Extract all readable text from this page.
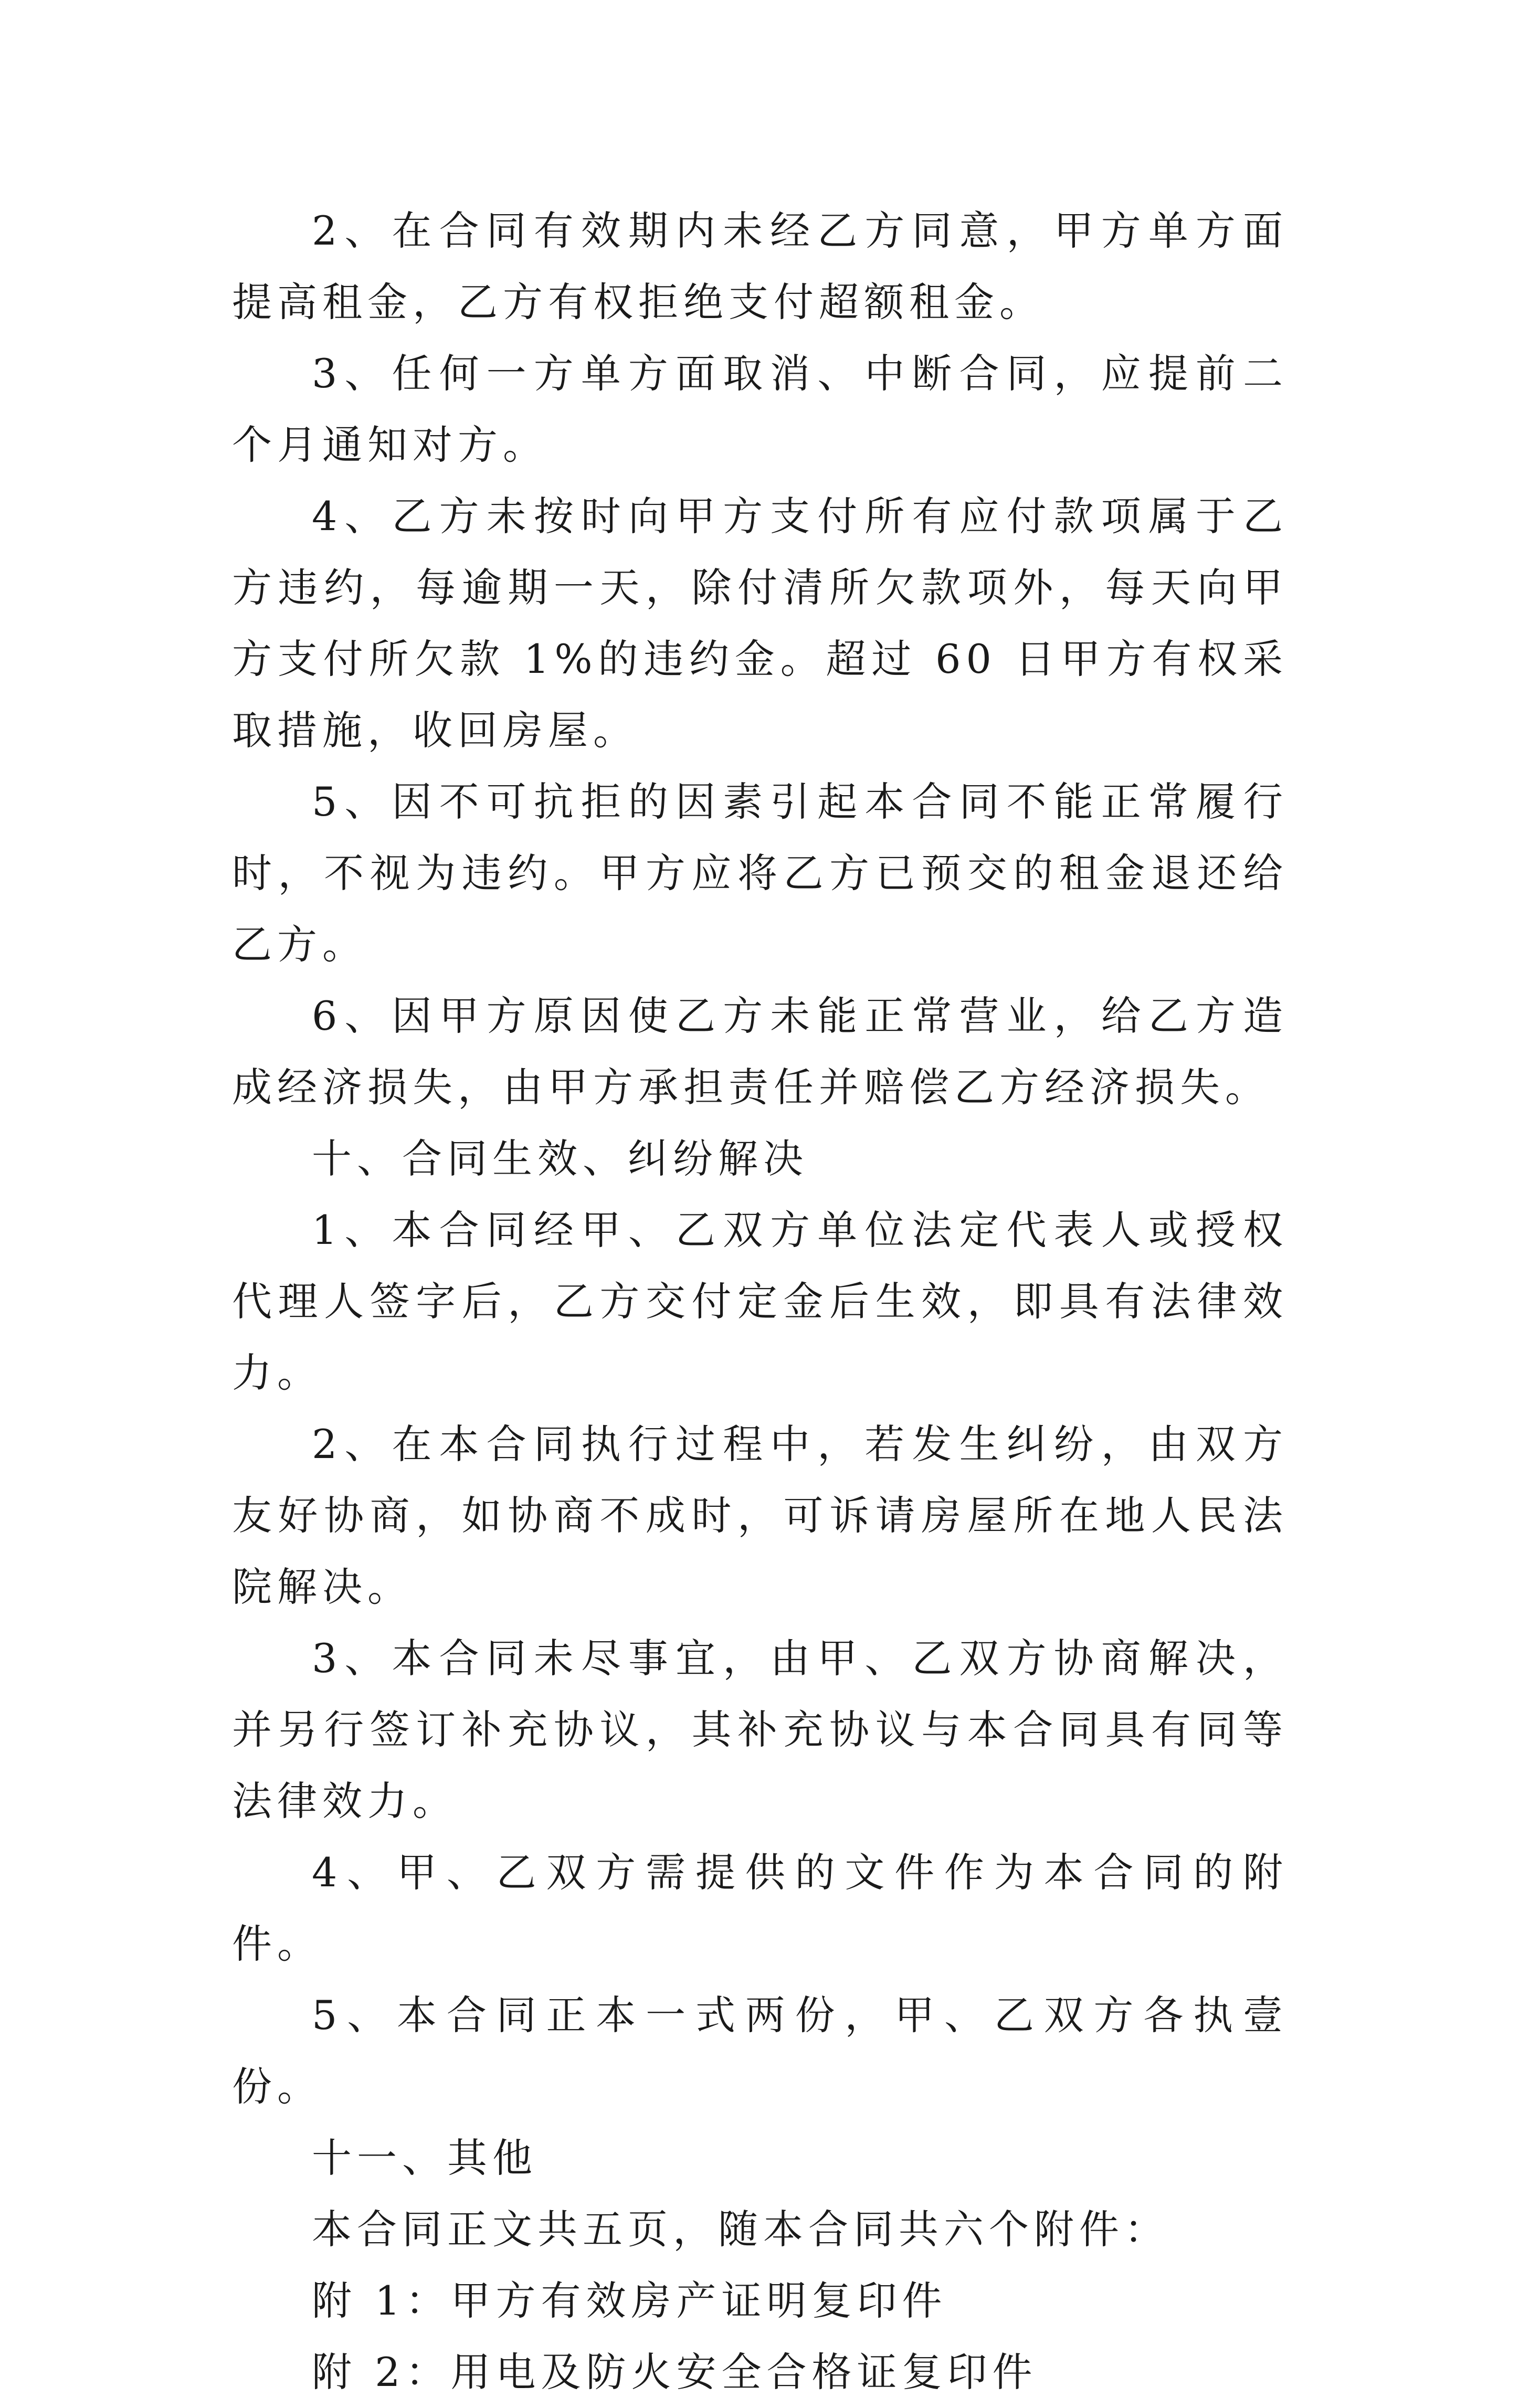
2、在合同有效期内未经乙方同意，甲方单方面提高租金，乙方有权拒绝支付超额租金。

3、任何一方单方面取消、中断合同，应提前二个月通知对方。

4、乙方未按时向甲方支付所有应付款项属于乙方违约，每逾期一天，除付清所欠款项外，每天向甲方支付所欠款 1%的违约金。超过 60 日甲方有权采取措施，收回房屋。

5、因不可抗拒的因素引起本合同不能正常履行时，不视为违约。甲方应将乙方已预交的租金退还给乙方。

6、因甲方原因使乙方未能正常营业，给乙方造成经济损失，由甲方承担责任并赔偿乙方经济损失。

十、合同生效、纠纷解决

1、本合同经甲、乙双方单位法定代表人或授权代理人签字后，乙方交付定金后生效，即具有法律效力。

2、在本合同执行过程中，若发生纠纷，由双方友好协商，如协商不成时，可诉请房屋所在地人民法院解决。

3、本合同未尽事宜，由甲、乙双方协商解决，并另行签订补充协议，其补充协议与本合同具有同等法律效力。

4、甲、乙双方需提供的文件作为本合同的附件。

5、本合同正本一式两份，甲、乙双方各执壹份。

十一、其他

本合同正文共五页，随本合同共六个附件：

附 1：甲方有效房产证明复印件

附 2：用电及防火安全合格证复印件
